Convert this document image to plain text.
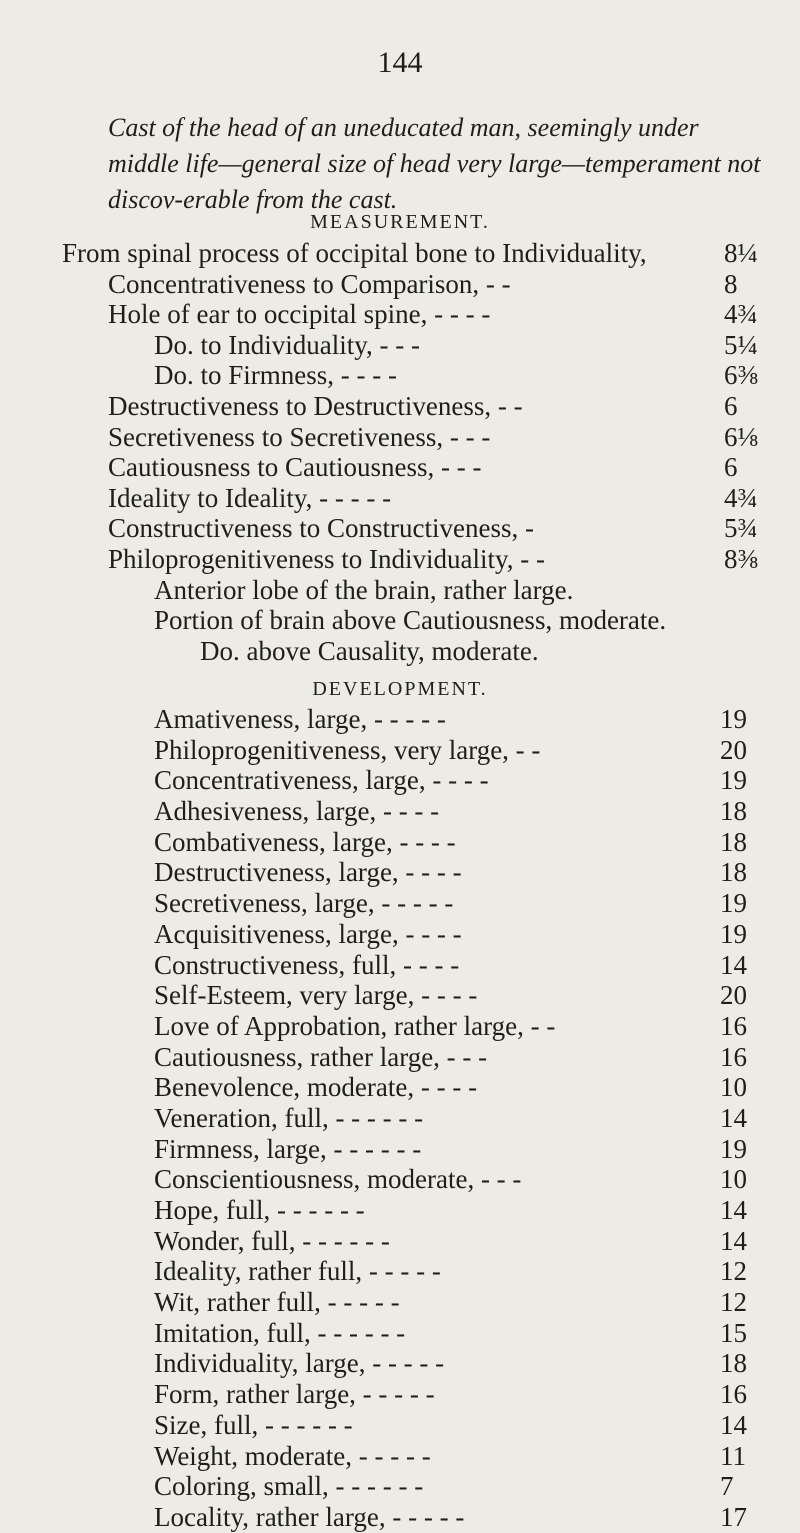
144
Cast of the head of an uneducated man, seemingly under middle life—general size of head very large—temperament not discov-erable from the cast.
MEASUREMENT.
From spinal process of occipital bone to Individuality,	8¼
Concentrativeness to Comparison, - -	8
Hole of ear to occipital spine, - - - -	4¾
Do. to Individuality, - - -	5¼
Do. to Firmness, - - - -	6⅜
Destructiveness to Destructiveness, - -	6
Secretiveness to Secretiveness, - - -	6⅛
Cautiousness to Cautiousness, - - -	6
Ideality to Ideality, - - - - -	4¾
Constructiveness to Constructiveness, -	5¾
Philoprogenitiveness to Individuality, - -	8⅜
Anterior lobe of the brain, rather large.
Portion of brain above Cautiousness, moderate.
Do. above Causality, moderate.
DEVELOPMENT.
Amativeness, large, - - - - -	19
Philoprogenitiveness, very large, - -	20
Concentrativeness, large, - - - -	19
Adhesiveness, large, - - - -	18
Combativeness, large, - - - -	18
Destructiveness, large, - - - -	18
Secretiveness, large, - - - - -	19
Acquisitiveness, large, - - - -	19
Constructiveness, full, - - - -	14
Self-Esteem, very large, - - - -	20
Love of Approbation, rather large, - -	16
Cautiousness, rather large, - - -	16
Benevolence, moderate, - - - -	10
Veneration, full, - - - - - -	14
Firmness, large, - - - - - -	19
Conscientiousness, moderate, - - -	10
Hope, full, - - - - - -	14
Wonder, full, - - - - - -	14
Ideality, rather full, - - - - -	12
Wit, rather full, - - - - -	12
Imitation, full, - - - - - -	15
Individuality, large, - - - - -	18
Form, rather large, - - - - -	16
Size, full, - - - - - -	14
Weight, moderate, - - - - -	11
Coloring, small, - - - - - -	7
Locality, rather large, - - - - -	17
